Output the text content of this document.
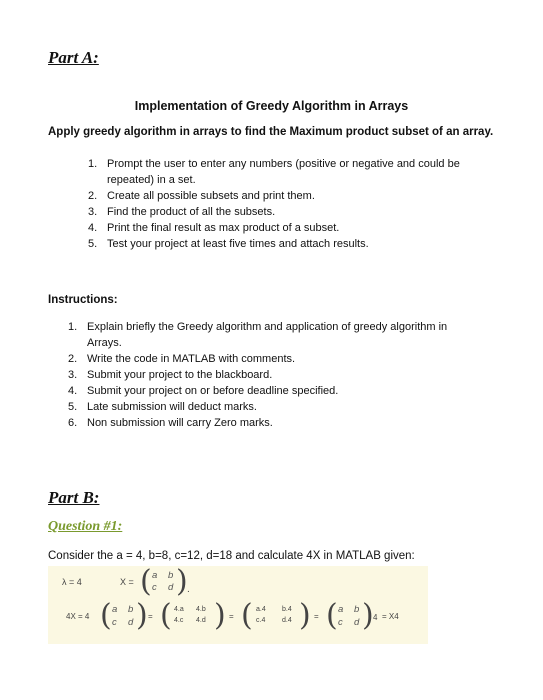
Part A:
Implementation of Greedy Algorithm in Arrays
Apply greedy algorithm in arrays to find the Maximum product subset of an array.
1. Prompt the user to enter any numbers (positive or negative and could be
repeated) in a set.
2. Create all possible subsets and print them.
3. Find the product of all the subsets.
4. Print the final result as max product of a subset.
5. Test your project at least five times and attach results.
Instructions:
1. Explain briefly the Greedy algorithm and application of greedy algorithm in
Arrays.
2. Write the code in MATLAB with comments.
3. Submit your project to the blackboard.
4. Submit your project on or before deadline specified.
5. Late submission will deduct marks.
6. Non submission will carry Zero marks.
Part B:
Question #1:
Consider the a = 4, b=8, c=12, d=18 and calculate 4X in MATLAB given:
λ = 4	X = ( a b
c d ) .
4X = 4 ( a b
c d ) = ( 4.a 4.b
4.c 4.d ) = ( a.4 b.4
c.4 d.4 ) = ( a b
c d ) 4 = X4
